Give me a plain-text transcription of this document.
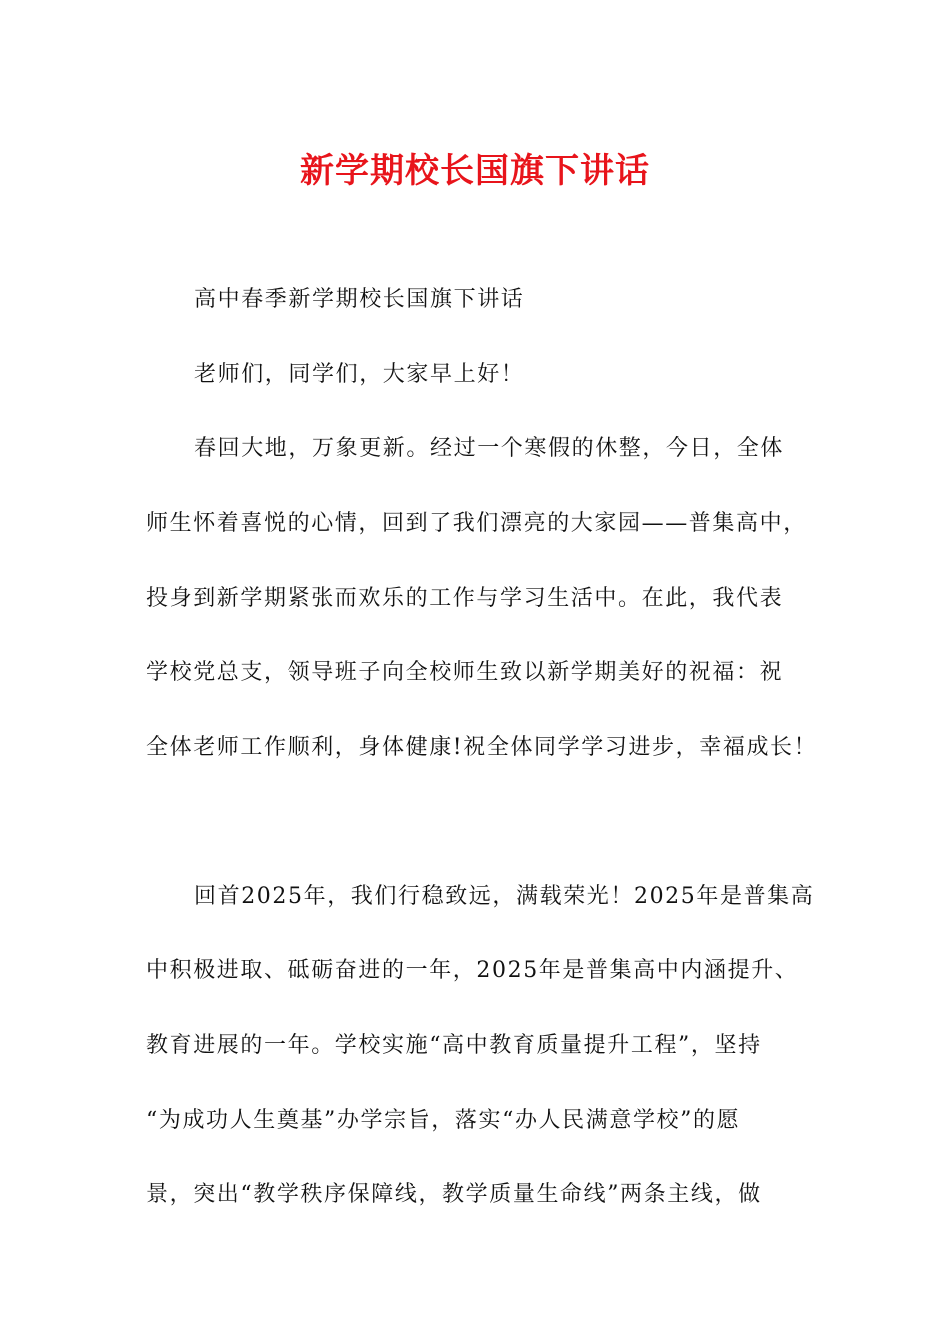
新学期校长国旗下讲话
高中春季新学期校长国旗下讲话
老师们，同学们，大家早上好！
春回大地，万象更新。经过一个寒假的休整，今日，全体
师生怀着喜悦的心情，回到了我们漂亮的大家园——普集高中，
投身到新学期紧张而欢乐的工作与学习生活中。在此，我代表
学校党总支，领导班子向全校师生致以新学期美好的祝福：祝
全体老师工作顺利，身体健康!祝全体同学学习进步，幸福成长！
回首2025年，我们行稳致远，满载荣光！2025年是普集高
中积极进取、砥砺奋进的一年，2025年是普集高中内涵提升、
教育进展的一年。学校实施“高中教育质量提升工程”，坚持
“为成功人生奠基”办学宗旨，落实“办人民满意学校”的愿
景，突出“教学秩序保障线，教学质量生命线”两条主线，做
